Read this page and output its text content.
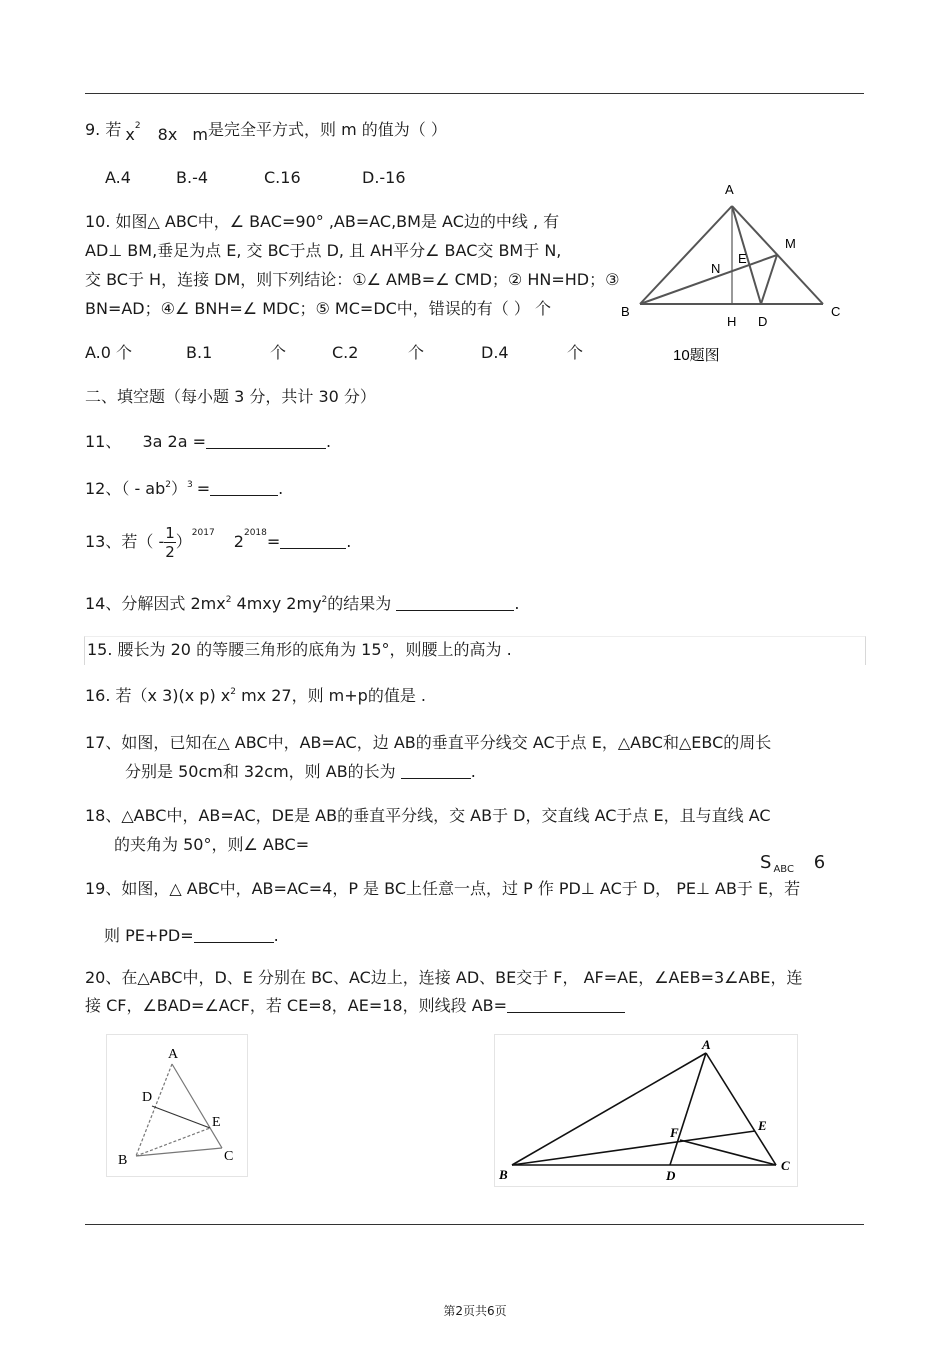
9. 若 $x^2$ 8x m是完全平方式，则 m 的值为（ ）
A.4	B.-4	C.16	D.-16
10. 如图△ ABC中，∠ BAC=90° ,AB=AC,BM是 AC边的中线 , 有
AD⊥ BM,垂足为点 E, 交 BC于点 D, 且 AH平分∠ BAC交 BM于 N,
交 BC于 H，连接 DM，则下列结论：①∠ AMB=∠ CMD；② HN=HD；③
BN=AD；④∠ BNH=∠ MDC；⑤ MC=DC中，错误的有（ ） 个
A.0 个	B.1	个	C.2	个	D.4	个
A
M
N
E
B
H D
C
10题图
二、填空题（每小题 3 分，共计 30 分）
11、 3a 2a =	.
12、（ - $ab^2)^3$ =	.
13、若（ - $\frac{1}{2} )^{2017}$ $2^{2018}=$	.
14、分解因式 $2mx^2$ 4mxy $2my^2$的结果为	.
15. 腰长为 20 的等腰三角形的底角为 15°，则腰上的高为 .
16. 若（x 3)(x p) $x^2$ mx 27，则 m+p的值是 .
17、如图，已知在△ ABC中，AB=AC，边 AB的垂直平分线交 AC于点 E，△ABC和△EBC的周长
分别是 50cm和 32cm，则 AB的长为	.
18、△ABC中，AB=AC，DE是 AB的垂直平分线，交 AB于 D，交直线 AC于点 E，且与直线 AC
的夹角为 50°，则∠ ABC=
S $_{ABC}$ 6
19、如图，△ ABC中，AB=AC=4，P 是 BC上任意一点，过 P 作 PD⊥ AC于 D， PE⊥ AB于 E，若
则 PE+PD=	.
20、在△ABC中，D、E 分别在 BC、AC边上，连接 AD、BE交于 F， AF=AE，∠AEB=3∠ABE，连
接 CF，∠BAD=∠ACF，若 CE=8，AE=18，则线段 AB=
A
D
E
B	C
A
E
F
B	D
C
第2页共6页
